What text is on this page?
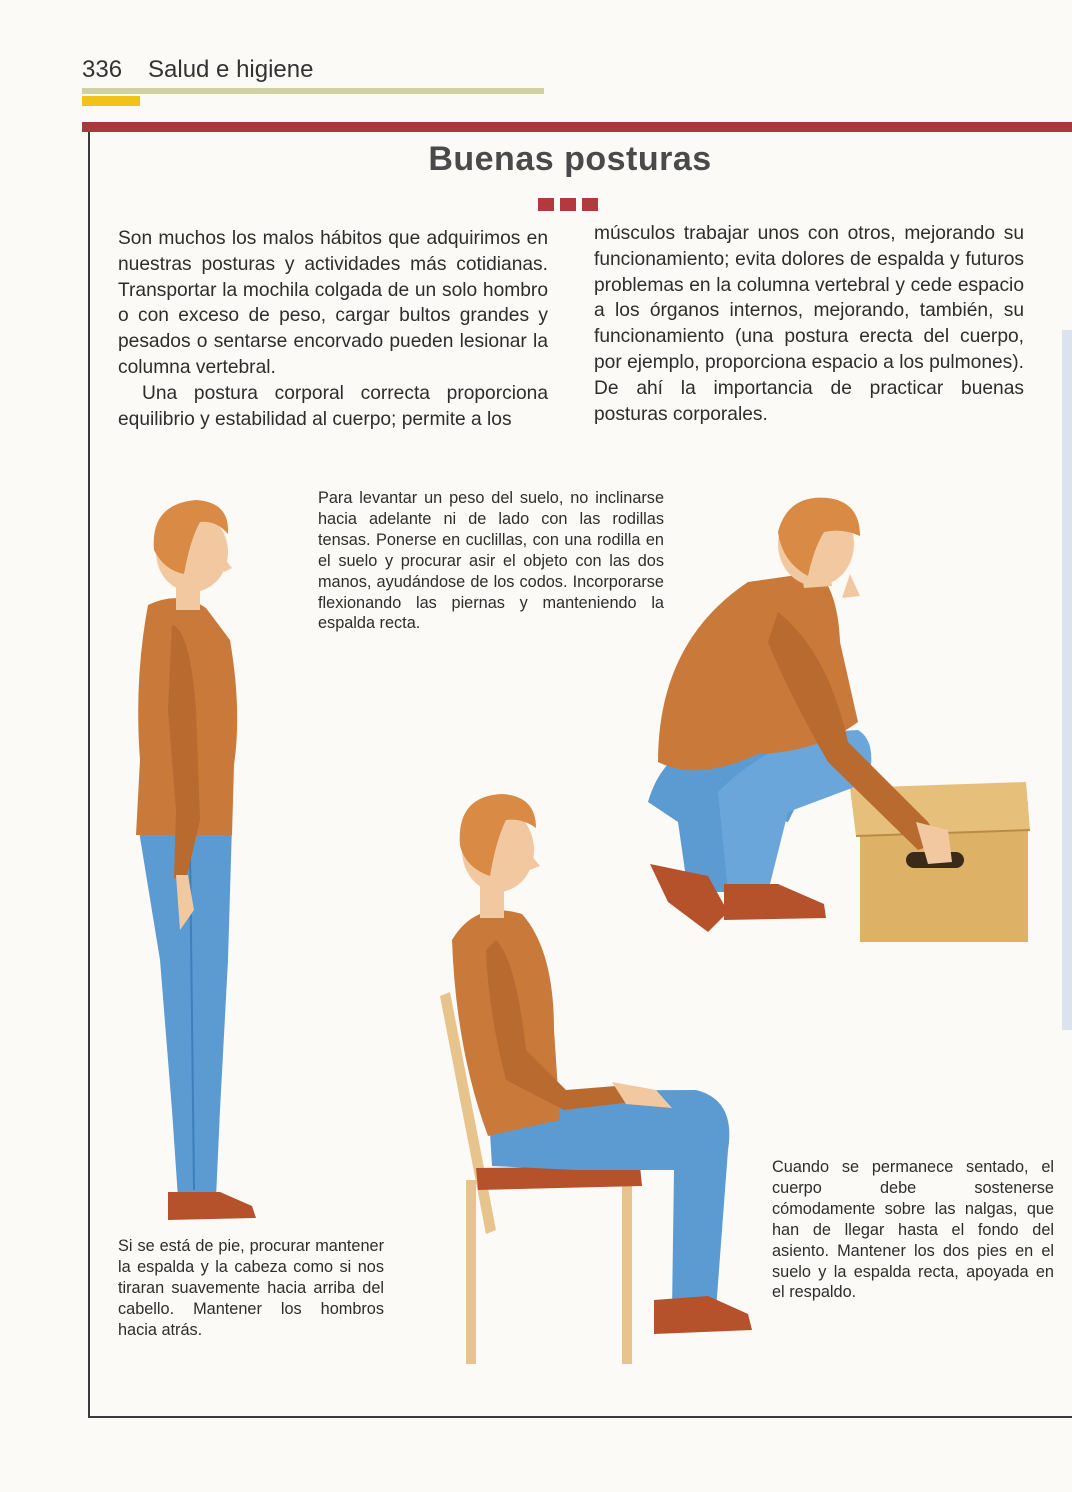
336 Salud e higiene
Buenas posturas

Son muchos los malos hábitos que adquirimos en nuestras posturas y actividades más cotidianas. Transportar la mochila colgada de un solo hombro o con exceso de peso, cargar bultos grandes y pesados o sentarse encorvado pueden lesionar la columna vertebral.

Una postura corporal correcta proporciona equilibrio y estabilidad al cuerpo; permite a los

músculos trabajar unos con otros, mejorando su funcionamiento; evita dolores de espalda y futuros problemas en la columna vertebral y cede espacio a los órganos internos, mejorando, también, su funcionamiento (una postura erecta del cuerpo, por ejemplo, proporciona espacio a los pulmones). De ahí la importancia de practicar buenas posturas corporales.

Para levantar un peso del suelo, no inclinarse hacia adelante ni de lado con las rodillas tensas. Ponerse en cuclillas, con una rodilla en el suelo y procurar asir el objeto con las dos manos, ayudándose de los codos. Incorporarse flexionando las piernas y manteniendo la espalda recta.
Si se está de pie, procurar mantener la espalda y la cabeza como si nos tiraran suavemente hacia arriba del cabello. Mantener los hombros hacia atrás.
Cuando se permanece sentado, el cuerpo debe sostenerse cómodamente sobre las nalgas, que han de llegar hasta el fondo del asiento. Mantener los dos pies en el suelo y la espalda recta, apoyada en el respaldo.
